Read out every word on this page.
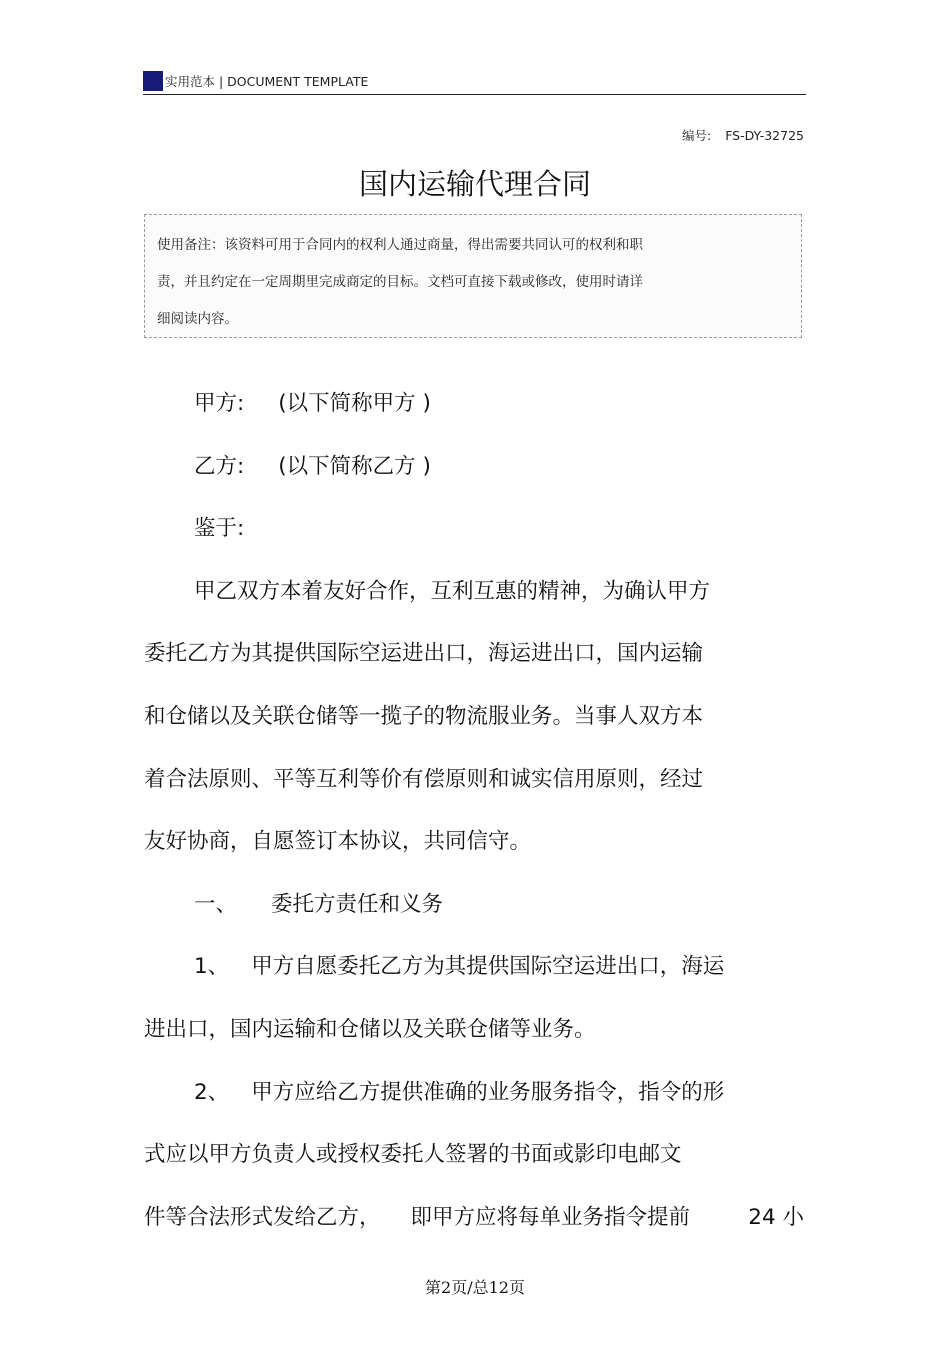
实用范本 | DOCUMENT TEMPLATE
编号: FS-DY-32725
国内运输代理合同

使用备注：该资料可用于合同内的权利人通过商量，得出需要共同认可的权利和职

责，并且约定在一定周期里完成商定的目标。文档可直接下载或修改，使用时请详

细阅读内容。

甲方: (以下简称甲方 )
乙方: (以下简称乙方 )
鉴于:
甲乙双方本着友好合作，互利互惠的精神，为确认甲方
委托乙方为其提供国际空运进出口，海运进出口，国内运输
和仓储以及关联仓储等一揽子的物流服业务。当事人双方本
着合法原则、平等互利等价有偿原则和诚实信用原则，经过
友好协商，自愿签订本协议，共同信守。
一、 委托方责任和义务
1、 甲方自愿委托乙方为其提供国际空运进出口，海运
进出口，国内运输和仓储以及关联仓储等业务。
2、 甲方应给乙方提供准确的业务服务指令，指令的形
式应以甲方负责人或授权委托人签署的书面或影印电邮文
件等合法形式发给乙方， 即甲方应将每单业务指令提前	24 小
第2页/总12页
